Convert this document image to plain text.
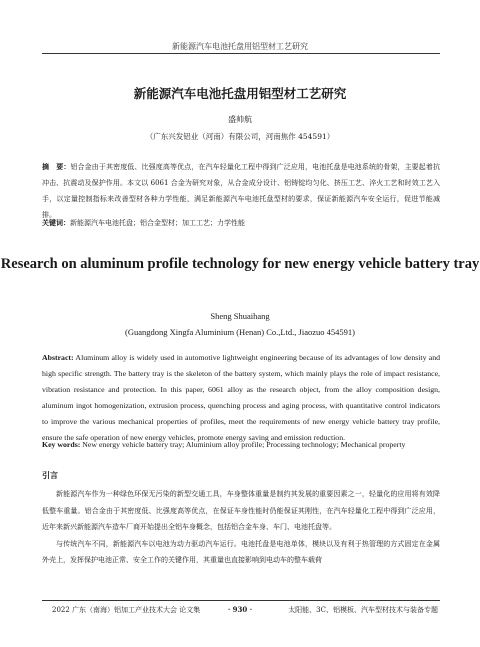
新能源汽车电池托盘用铝型材工艺研究
新能源汽车电池托盘用铝型材工艺研究
盛帅航
（广东兴发铝业（河南）有限公司，河南焦作 454591）
摘　要：铝合金由于其密度低、比强度高等优点，在汽车轻量化工程中得到广泛应用，电池托盘是电池系统的骨架，主要起着抗冲击、抗震动及保护作用。本文以 6061 合金为研究对象，从合金成分设计、铝铸锭均匀化、挤压工艺、淬火工艺和时效工艺入手，以定量控制指标来改善型材各种力学性能，满足新能源汽车电池托盘型材的要求，保证新能源汽车安全运行，促进节能减排。
关键词：新能源汽车电池托盘；铝合金型材；加工工艺；力学性能
Research on aluminum profile technology for new energy vehicle battery tray
Sheng Shuaihang
(Guangdong Xingfa Aluminium (Henan) Co.,Ltd., Jiaozuo 454591)
Abstract: Aluminum alloy is widely used in automotive lightweight engineering because of its advantages of low density and high specific strength. The battery tray is the skeleton of the battery system, which mainly plays the role of impact resistance, vibration resistance and protection. In this paper, 6061 alloy as the research object, from the alloy composition design, aluminum ingot homogenization, extrusion process, quenching process and aging process, with quantitative control indicators to improve the various mechanical properties of profiles, meet the requirements of new energy vehicle battery tray profile, ensure the safe operation of new energy vehicles, promote energy saving and emission reduction.
Key words: New energy vehicle battery tray; Aluminium alloy profile; Processing technology; Mechanical property
引言

新能源汽车作为一种绿色环保无污染的新型交通工具，车身整体重量是制约其发展的重要因素之一，轻量化的应用将有效降低整车重量。铝合金由于其密度低、比强度高等优点，在保证车身性能时仍能保证其刚性，在汽车轻量化工程中得到广泛应用，近年来新兴新能源汽车造车厂商开始提出全铝车身概念，包括铝合金车身、车门、电池托盘等。

与传统汽车不同，新能源汽车以电池为动力驱动汽车运行。电池托盘是电池单体，模块以及有利于热管理的方式固定在金属外壳上，发挥保护电池正常、安全工作的关键作用，其重量也直接影响到电动车的整车载荷

2022 广东（南海）铝加工产业技术大会 论文集	· 930 ·	太阳能、3C、铝模板、汽车型材技术与装备专题
